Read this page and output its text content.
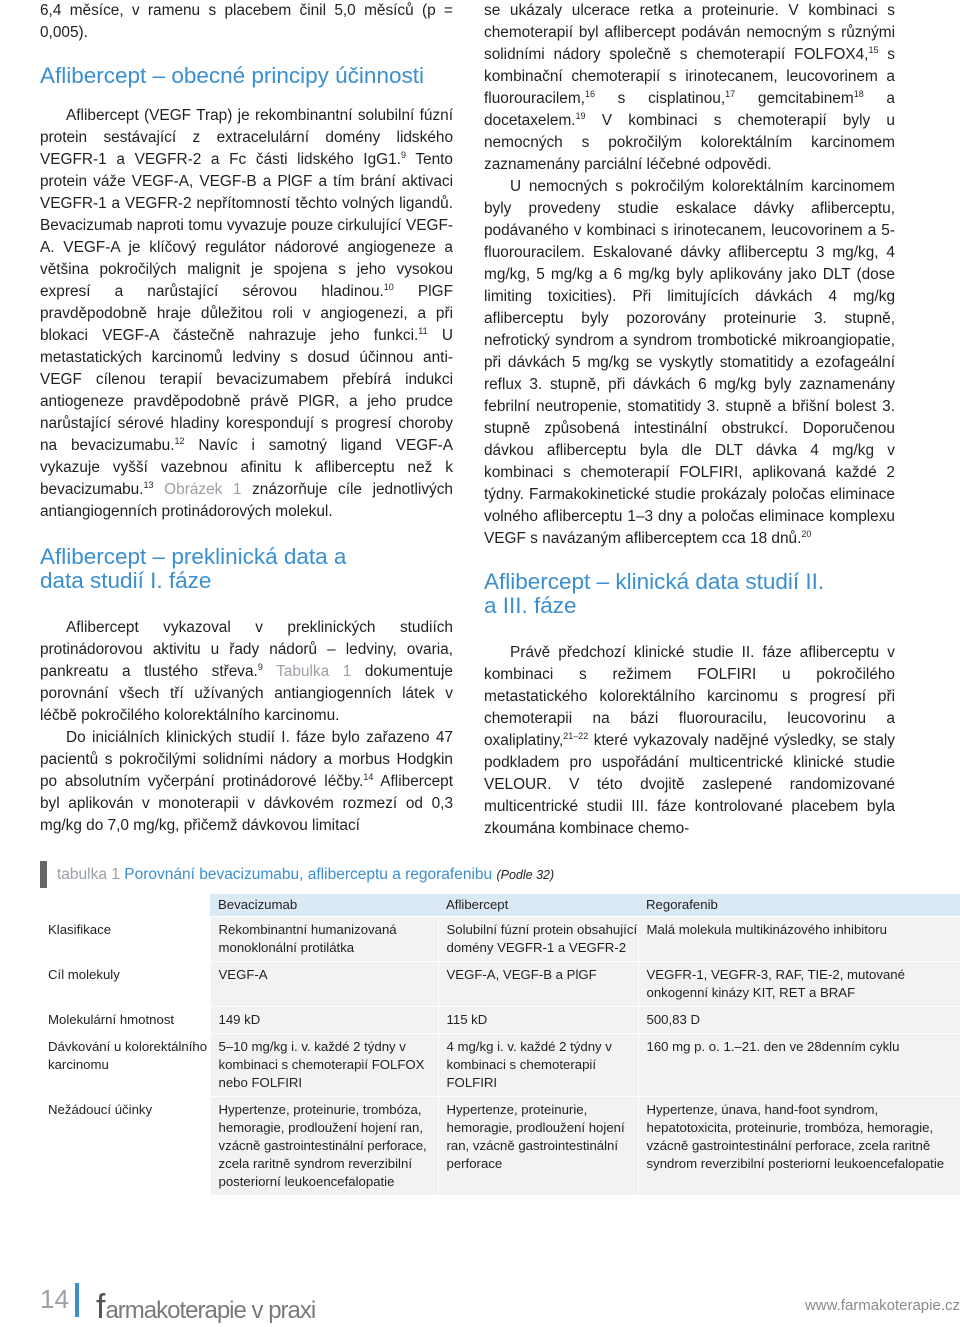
6,4 měsíce, v ramenu s placebem činil 5,0 měsíců (p = 0,005).

Aflibercept – obecné principy účinnosti

Aflibercept (VEGF Trap) je rekombinantní solubilní fúzní protein sestávající z extracelulární domény lidského VEGFR-1 a VEGFR-2 a Fc části lidského IgG1.$^9$ Tento protein váže VEGF-A, VEGF-B a PlGF a tím brání aktivaci VEGFR-1 a VEGFR-2 nepřítomností těchto volných ligandů. Bevacizumab naproti tomu vyvazuje pouze cirkulující VEGF-A. VEGF-A je klíčový regulátor nádorové angiogeneze a většina pokročilých malignit je spojena s jeho vysokou expresí a narůstající sérovou hladinou.$^{10}$ PlGF pravděpodobně hraje důležitou roli v angiogenezi, a při blokaci VEGF-A částečně nahrazuje jeho funkci.$^{11}$ U metastatických karcinomů ledviny s dosud účinnou anti-VEGF cílenou terapií bevacizumabem přebírá indukci antiogeneze pravděpodobně právě PlGR, a jeho prudce narůstající sérové hladiny korespondují s progresí choroby na bevacizumabu.$^{12}$ Navíc i samotný ligand VEGF-A vykazuje vyšší vazebnou afinitu k afliberceptu než k bevacizumabu.$^{13}$ Obrázek 1 znázorňuje cíle jednotlivých antiangiogenních protinádorových molekul.

Aflibercept – preklinická data a data studií I. fáze

Aflibercept vykazoval v preklinických studiích protinádorovou aktivitu u řady nádorů – ledviny, ovaria, pankreatu a tlustého střeva.$^9$ Tabulka 1 dokumentuje porovnání všech tří užívaných antiangiogenních látek v léčbě pokročilého kolorektálního karcinomu.

Do iniciálních klinických studií I. fáze bylo zařazeno 47 pacientů s pokročilými solidními nádory a morbus Hodgkin po absolutním vyčerpání protinádorové léčby.$^{14}$ Aflibercept byl aplikován v monoterapii v dávkovém rozmezí od 0,3 mg/kg do 7,0 mg/kg, přičemž dávkovou limitací

se ukázaly ulcerace retka a proteinurie. V kombinaci s chemoterapií byl aflibercept podáván nemocným s různými solidními nádory společně s chemoterapií FOLFOX4,15 s kombinační chemoterapií s irinotecanem, leucovorinem a fluorouracilem,$^{16}$ s cisplatinou,$^{17}$ gemcitabinem$^{18}$ a docetaxelem.$^{19}$ V kombinaci s chemoterapií byly u nemocných s pokročilým kolorektálním karcinomem zaznamenány parciální léčebné odpovědi.

U nemocných s pokročilým kolorektálním karcinomem byly provedeny studie eskalace dávky afliberceptu, podávaného v kombinaci s irinotecanem, leucovorinem a 5-fluorouracilem. Eskalované dávky afliberceptu 3 mg/kg, 4 mg/kg, 5 mg/kg a 6 mg/kg byly aplikovány jako DLT (dose limiting toxicities). Při limitujících dávkách 4 mg/kg afliberceptu byly pozorovány proteinurie 3. stupně, nefrotický syndrom a syndrom trombotické mikroangiopatie, při dávkách 5 mg/kg se vyskytly stomatitidy a ezofageální reflux 3. stupně, při dávkách 6 mg/kg byly zaznamenány febrilní neutropenie, stomatitidy 3. stupně a břišní bolest 3. stupně způsobená intestinální obstrukcí. Doporučenou dávkou afliberceptu byla dle DLT dávka 4 mg/kg v kombinaci s chemoterapií FOLFIRI, aplikovaná každé 2 týdny. Farmakokinetické studie prokázaly poločas eliminace volného afliberceptu 1–3 dny a poločas eliminace komplexu VEGF s navázaným afliberceptem cca 18 dnů.$^{20}$

Aflibercept – klinická data studií II. a III. fáze

Právě předchozí klinické studie II. fáze afliberceptu v kombinaci s režimem FOLFIRI u pokročilého metastatického kolorektálního karcinomu s progresí při chemoterapii na bázi fluorouracilu, leucovorinu a oxaliplatiny,$^{21-22}$ které vykazovaly nadějné výsledky, se staly podkladem pro uspořádání multicentrické klinické studie VELOUR. V této dvojitě zaslepené randomizované multicentrické studii III. fáze kontrolované placebem byla zkoumána kombinace chemo-

tabulka 1 Porovnání bevacizumabu, afliberceptu a regorafenibu (Podle 32)
	Bevacizumab	Aflibercept	Regorafenib
Klasifikace	Rekombinantní humanizovaná monoklonální protilátka	Solubilní fúzní protein obsahující domény VEGFR-1 a VEGFR-2	Malá molekula multikinázového inhibitoru
Cíl molekuly	VEGF-A	VEGF-A, VEGF-B a PlGF	VEGFR-1, VEGFR-3, RAF, TIE-2, mutované onkogenní kinázy KIT, RET a BRAF
Molekulární hmotnost	149 kD	115 kD	500,83 D
Dávkování u kolorektálního karcinomu	5–10 mg/kg i. v. každé 2 týdny v kombinaci s chemoterapií FOLFOX nebo FOLFIRI	4 mg/kg i. v. každé 2 týdny v kombinaci s chemoterapií FOLFIRI	160 mg p. o. 1.–21. den ve 28denním cyklu
Nežádoucí účinky	Hypertenze, proteinurie, trombóza, hemoragie, prodloužení hojení ran, vzácně gastrointestinální perforace, zcela raritně syndrom reverzibilní posteriorní leukoencefalopatie	Hypertenze, proteinurie, hemoragie, prodloužení hojení ran, vzácně gastrointestinální perforace	Hypertenze, únava, hand-foot syndrom, hepatotoxicita, proteinurie, trombóza, hemoragie, vzácně gastrointestinální perforace, zcela raritně syndrom reverzibilní posteriorní leukoencefalopatie
14 farmakoterapie v praxi	www.farmakoterapie.cz
